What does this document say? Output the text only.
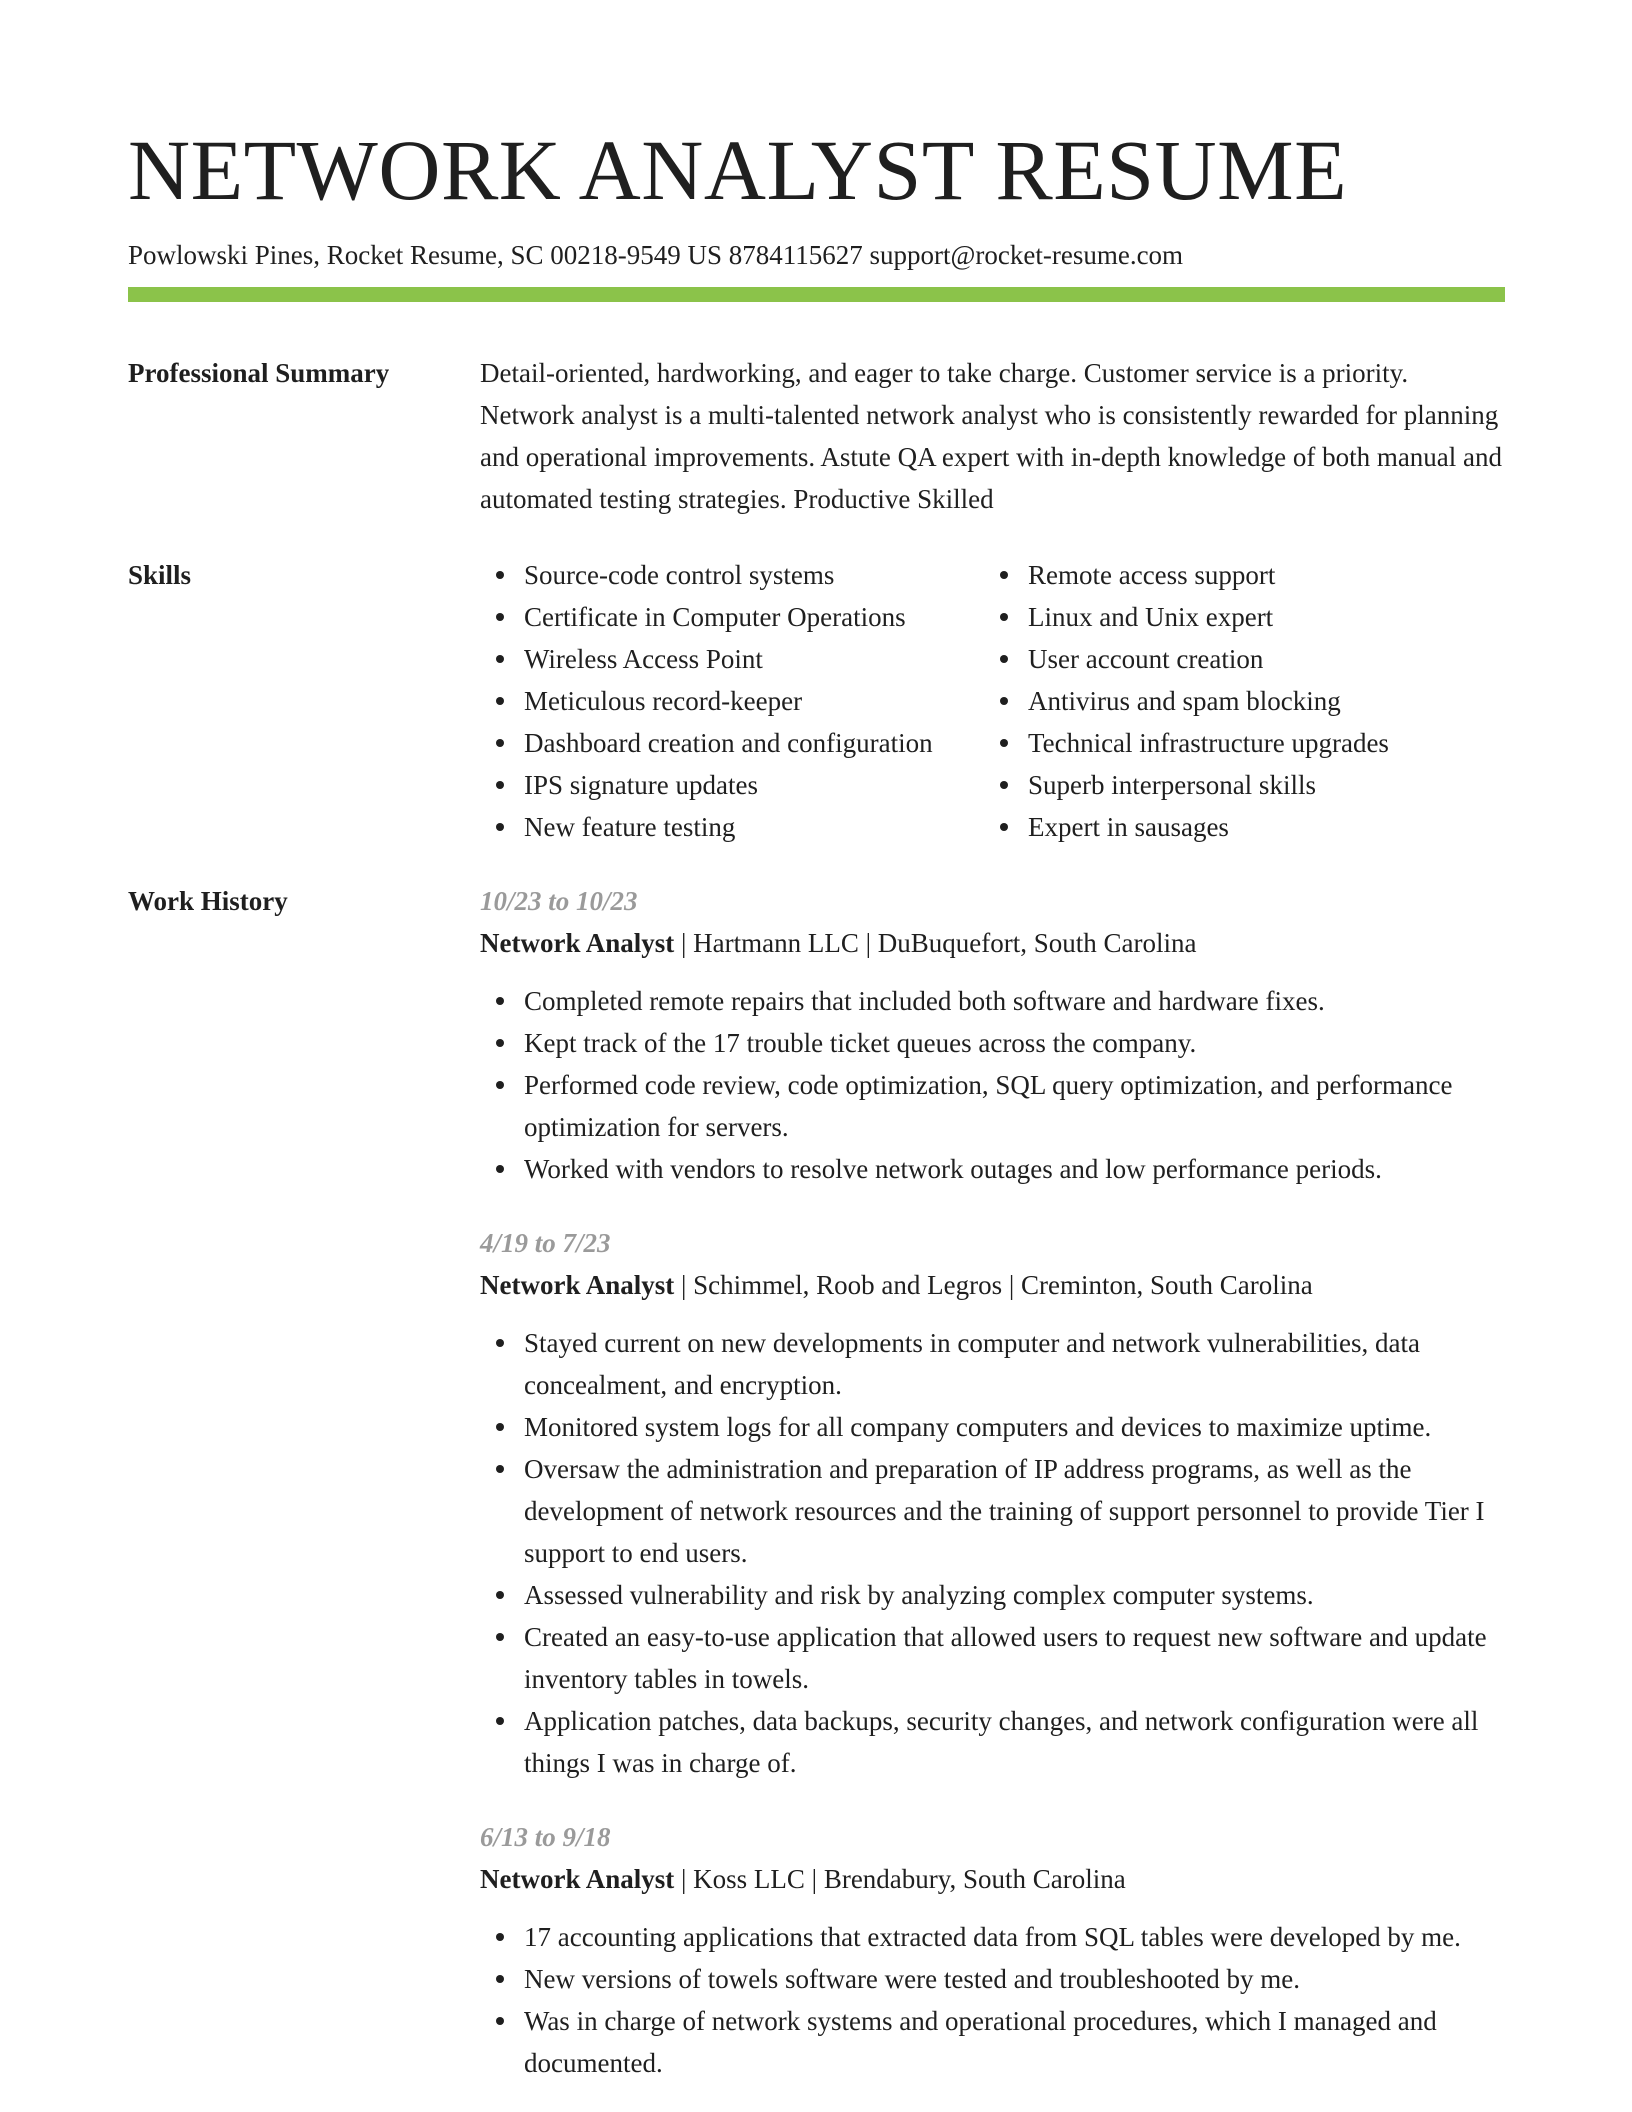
NETWORK ANALYST RESUME
Powlowski Pines, Rocket Resume, SC 00218-9549 US 8784115627 support@rocket-resume.com
Professional Summary	Detail-oriented, hardworking, and eager to take charge. Customer service is a priority. Network analyst is a multi-talented network analyst who is consistently rewarded for planning and operational improvements. Astute QA expert with in-depth knowledge of both manual and automated testing strategies. Productive Skilled

Skills	Source-code control systems
Certificate in Computer Operations
Wireless Access Point
Meticulous record-keeper
Dashboard creation and configuration
IPS signature updates
New feature testing
Remote access support
Linux and Unix expert
User account creation
Antivirus and spam blocking
Technical infrastructure upgrades
Superb interpersonal skills
Expert in sausages
Work History	10/23 to 10/23
Network Analyst | Hartmann LLC | DuBuquefort, South Carolina
Completed remote repairs that included both software and hardware fixes.
Kept track of the 17 trouble ticket queues across the company.
Performed code review, code optimization, SQL query optimization, and performance optimization for servers.
Worked with vendors to resolve network outages and low performance periods.
4/19 to 7/23
Network Analyst | Schimmel, Roob and Legros | Creminton, South Carolina
Stayed current on new developments in computer and network vulnerabilities, data concealment, and encryption.
Monitored system logs for all company computers and devices to maximize uptime.
Oversaw the administration and preparation of IP address programs, as well as the development of network resources and the training of support personnel to provide Tier I support to end users.
Assessed vulnerability and risk by analyzing complex computer systems.
Created an easy-to-use application that allowed users to request new software and update inventory tables in towels.
Application patches, data backups, security changes, and network configuration were all things I was in charge of.
6/13 to 9/18
Network Analyst | Koss LLC | Brendabury, South Carolina
17 accounting applications that extracted data from SQL tables were developed by me.
New versions of towels software were tested and troubleshooted by me.
Was in charge of network systems and operational procedures, which I managed and documented.
